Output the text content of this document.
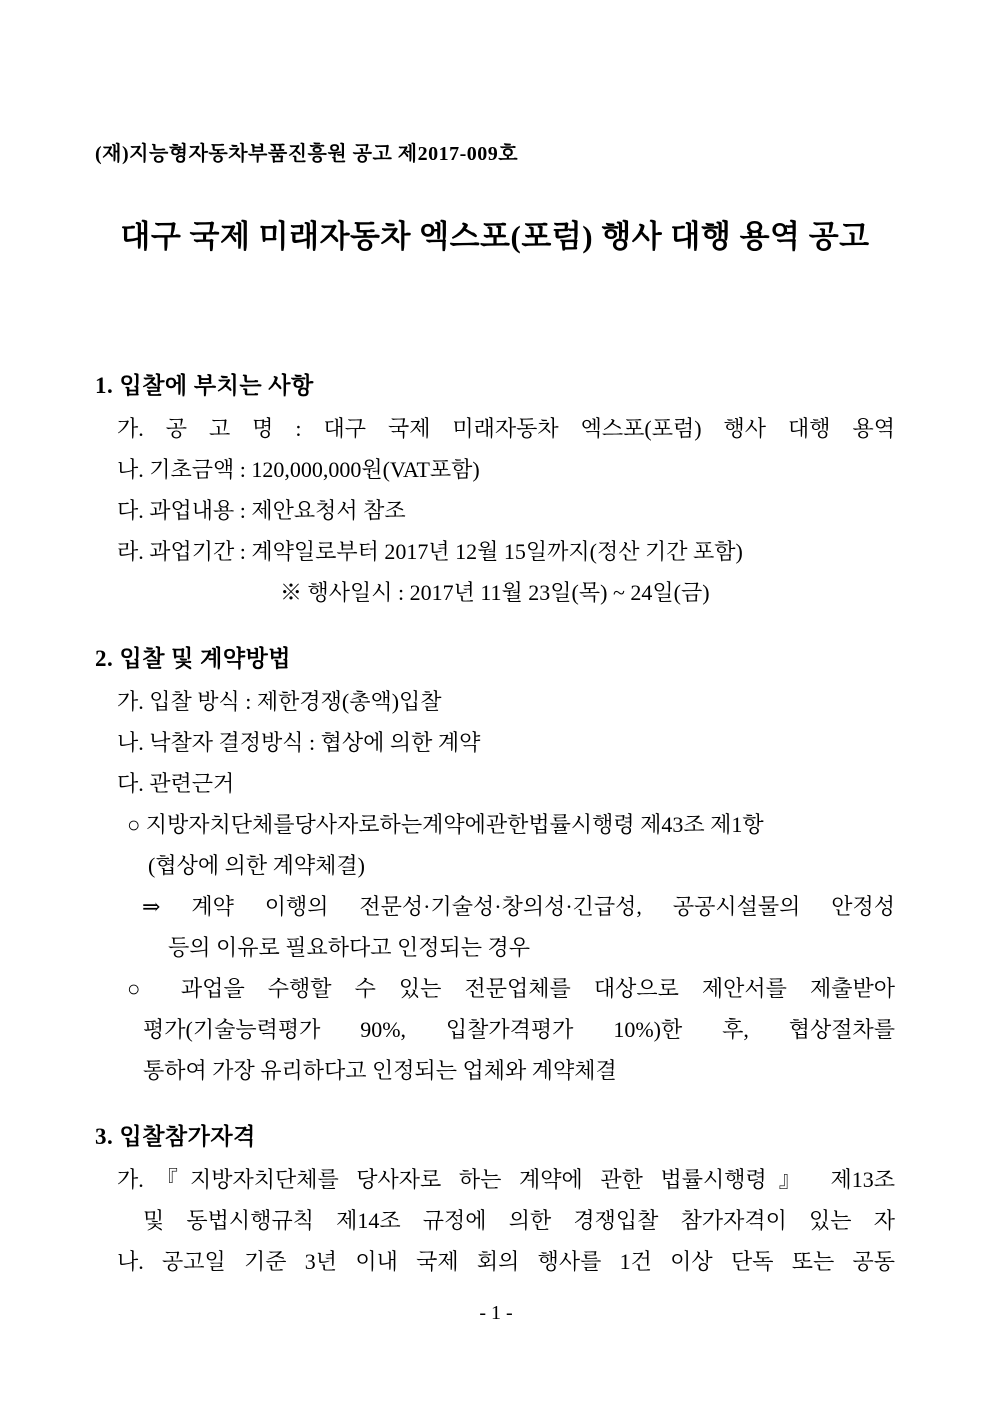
(재)지능형자동차부품진흥원 공고 제2017-009호
대구 국제 미래자동차 엑스포(포럼) 행사 대행 용역 공고
1. 입찰에 부치는 사항
가. 공 고 명 : 대구 국제 미래자동차 엑스포(포럼) 행사 대행 용역
나. 기초금액 : 120,000,000원(VAT포함)
다. 과업내용 : 제안요청서 참조
라. 과업기간 : 계약일로부터 2017년 12월 15일까지(정산 기간 포함)
※ 행사일시 : 2017년 11월 23일(목) ~ 24일(금)
2. 입찰 및 계약방법
가. 입찰 방식 : 제한경쟁(총액)입찰
나. 낙찰자 결정방식 : 협상에 의한 계약
다. 관련근거
○ 지방자치단체를당사자로하는계약에관한법률시행령 제43조 제1항
(협상에 의한 계약체결)
⇒ 계약 이행의 전문성·기술성·창의성·긴급성, 공공시설물의 안정성
등의 이유로 필요하다고 인정되는 경우
○ 과업을 수행할 수 있는 전문업체를 대상으로 제안서를 제출받아
평가(기술능력평가 90%, 입찰가격평가 10%)한 후, 협상절차를
통하여 가장 유리하다고 인정되는 업체와 계약체결
3. 입찰참가자격
가.『지방자치단체를 당사자로 하는 계약에 관한 법률시행령』 제13조
및 동법시행규칙 제14조 규정에 의한 경쟁입찰 참가자격이 있는 자
나. 공고일 기준 3년 이내 국제 회의 행사를 1건 이상 단독 또는 공동
- 1 -
